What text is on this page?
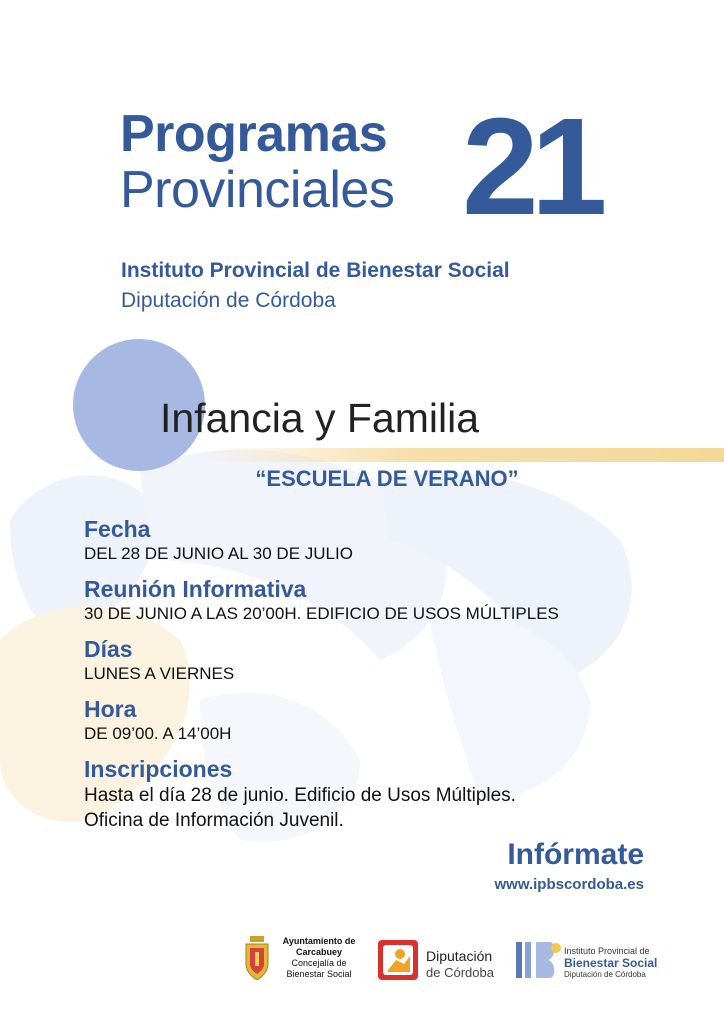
Programas
Provinciales 21
Instituto Provincial de Bienestar Social
Diputación de Córdoba
Infancia y Familia
“ESCUELA DE VERANO”
Fecha
DEL 28 DE JUNIO AL 30 DE JULIO
Reunión Informativa
30 DE JUNIO A LAS 20’00H. EDIFICIO DE USOS MÚLTIPLES
Días
LUNES A VIERNES
Hora
DE 09’00. A 14’00H
Inscripciones
Hasta el día 28 de junio. Edificio de Usos Múltiples.
Oficina de Información Juvenil.
Infórmate
www.ipbscordoba.es
Ayuntamiento de
Carcabuey
Concejalía de
Bienestar Social
Diputación
de Córdoba
Instituto Provincial de
Bienestar Social
Diputación de Córdoba
